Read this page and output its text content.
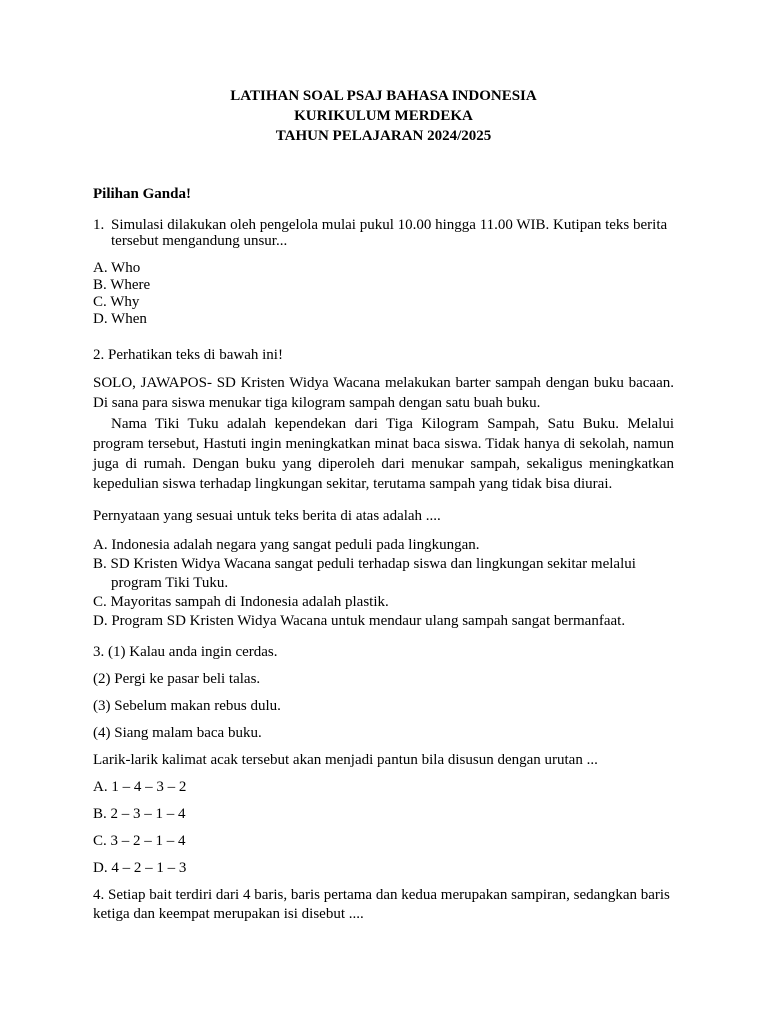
LATIHAN SOAL PSAJ BAHASA INDONESIA
KURIKULUM MERDEKA
TAHUN PELAJARAN 2024/2025
Pilihan Ganda!
1. Simulasi dilakukan oleh pengelola mulai pukul 10.00 hingga 11.00 WIB. Kutipan teks berita tersebut mengandung unsur...
A. Who
B. Where
C. Why
D. When
2. Perhatikan teks di bawah ini!
SOLO, JAWAPOS- SD Kristen Widya Wacana melakukan barter sampah dengan buku bacaan. Di sana para siswa menukar tiga kilogram sampah dengan satu buah buku.
Nama Tiki Tuku adalah kependekan dari Tiga Kilogram Sampah, Satu Buku. Melalui program tersebut, Hastuti ingin meningkatkan minat baca siswa. Tidak hanya di sekolah, namun juga di rumah. Dengan buku yang diperoleh dari menukar sampah, sekaligus meningkatkan kepedulian siswa terhadap lingkungan sekitar, terutama sampah yang tidak bisa diurai.
Pernyataan yang sesuai untuk teks berita di atas adalah ....
A. Indonesia adalah negara yang sangat peduli pada lingkungan.
B. SD Kristen Widya Wacana sangat peduli terhadap siswa dan lingkungan sekitar melalui program Tiki Tuku.
C. Mayoritas sampah di Indonesia adalah plastik.
D. Program SD Kristen Widya Wacana untuk mendaur ulang sampah sangat bermanfaat.
3. (1) Kalau anda ingin cerdas.
(2) Pergi ke pasar beli talas.
(3) Sebelum makan rebus dulu.
(4) Siang malam baca buku.
Larik-larik kalimat acak tersebut akan menjadi pantun bila disusun dengan urutan ...
A. 1 – 4 – 3 – 2
B. 2 – 3 – 1 – 4
C. 3 – 2 – 1 – 4
D. 4 – 2 – 1 – 3
4. Setiap bait terdiri dari 4 baris, baris pertama dan kedua merupakan sampiran, sedangkan baris ketiga dan keempat merupakan isi disebut ....
